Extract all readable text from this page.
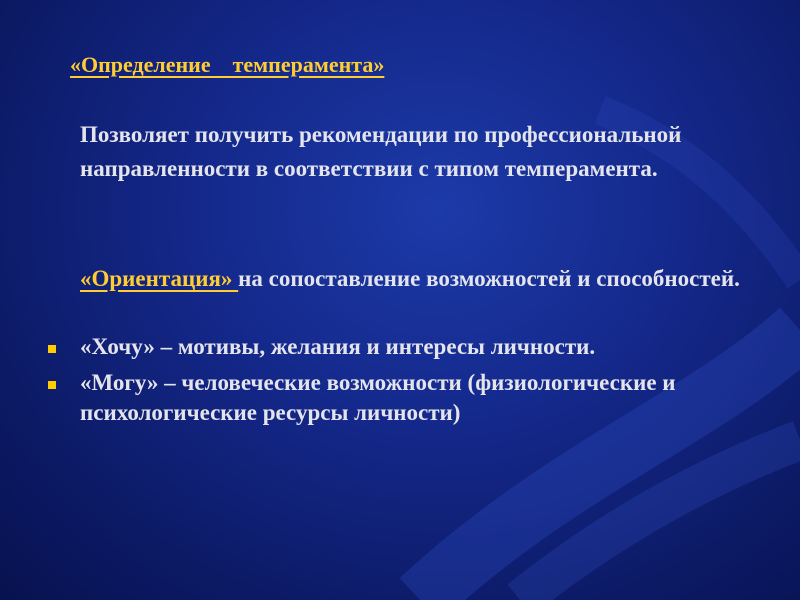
«Определение    темперамента»
Позволяет получить рекомендации по профессиональной направленности в соответствии с типом темперамента.
«Ориентация» на сопоставление возможностей и способностей.
«Хочу» – мотивы, желания и интересы личности.
«Могу» – человеческие возможности (физиологические и психологические ресурсы личности)
